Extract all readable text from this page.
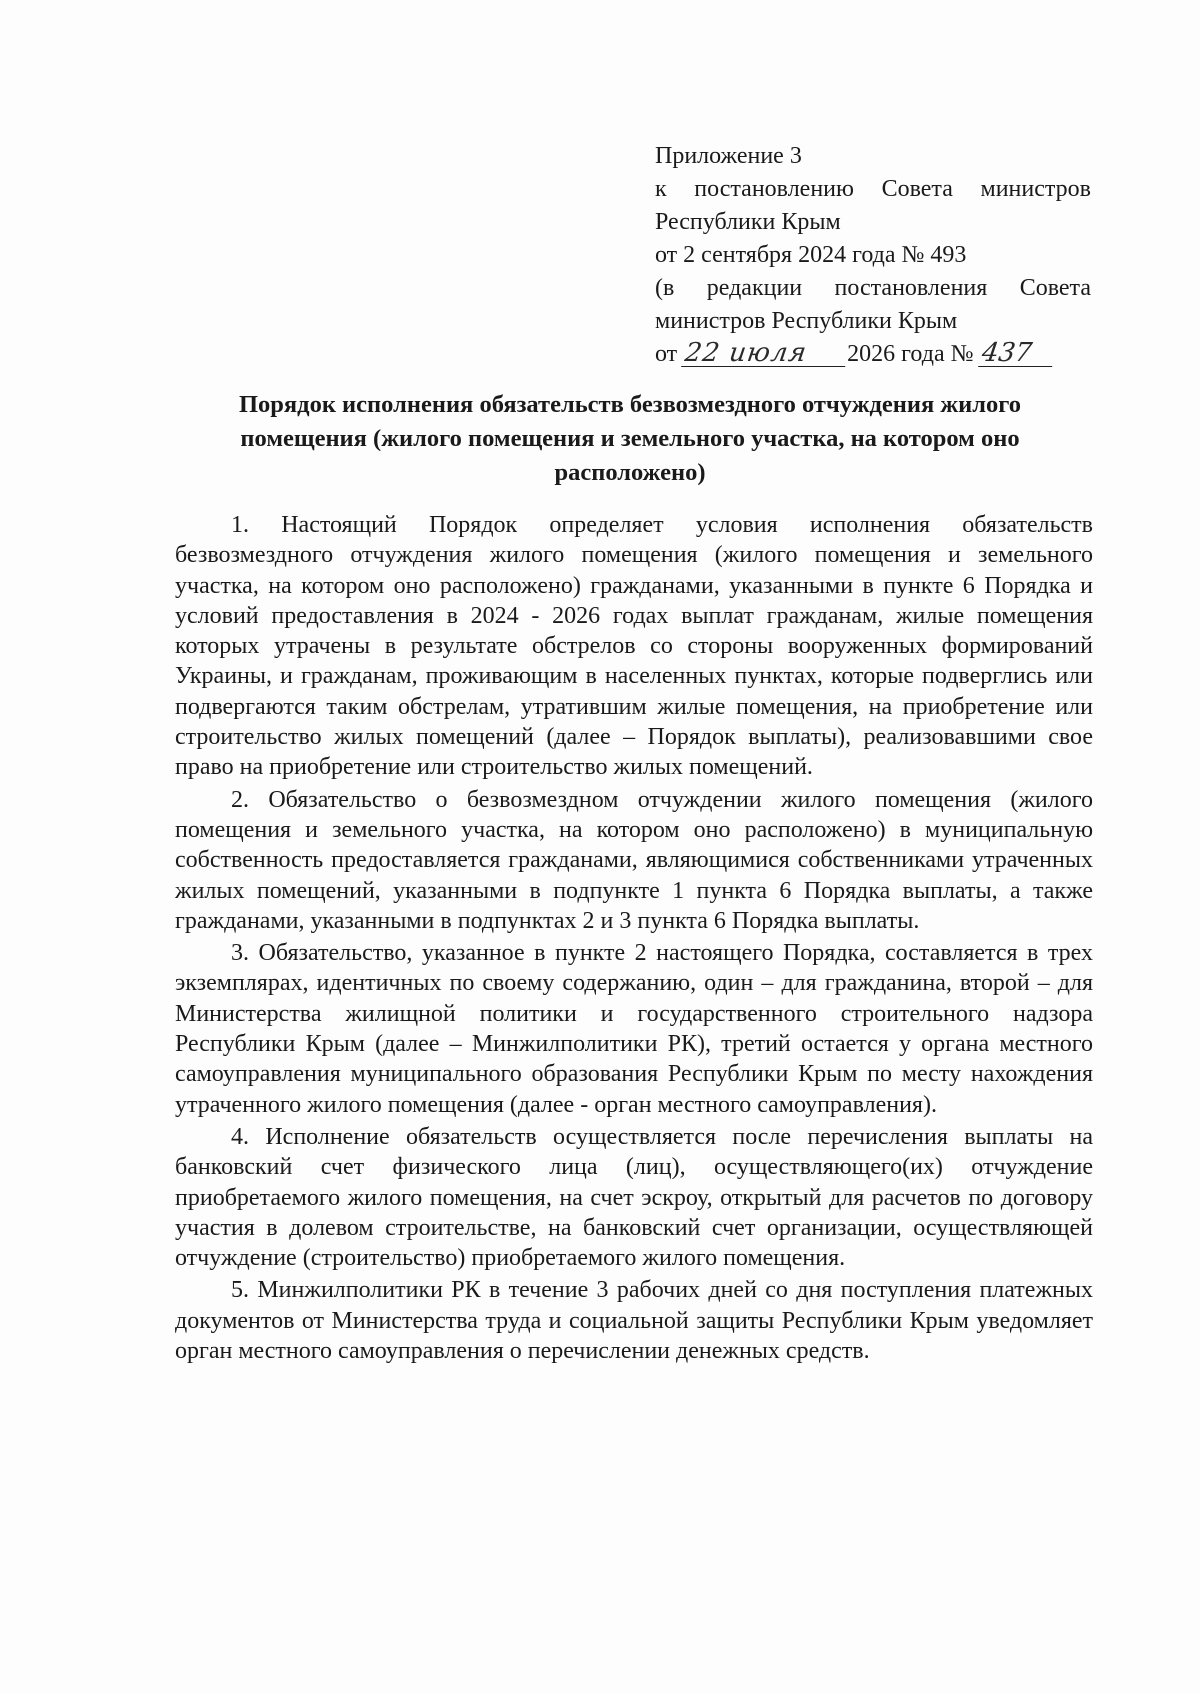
Приложение 3
к постановлению Совета министров
Республики Крым
от 2 сентября 2024 года № 493
(в редакции постановления Совета
министров Республики Крым
от 22 июля 2026 года № 437
Порядок исполнения обязательств безвозмездного отчуждения жилого
помещения (жилого помещения и земельного участка, на котором оно
расположено)

1. Настоящий Порядок определяет условия исполнения обязательств безвозмездного отчуждения жилого помещения (жилого помещения и земельного участка, на котором оно расположено) гражданами, указанными в пункте 6 Порядка и условий предоставления в 2024 - 2026 годах выплат гражданам, жилые помещения которых утрачены в результате обстрелов со стороны вооруженных формирований Украины, и гражданам, проживающим в населенных пунктах, которые подверглись или подвергаются таким обстрелам, утратившим жилые помещения, на приобретение или строительство жилых помещений (далее – Порядок выплаты), реализовавшими свое право на приобретение или строительство жилых помещений.

2. Обязательство о безвозмездном отчуждении жилого помещения (жилого помещения и земельного участка, на котором оно расположено) в муниципальную собственность предоставляется гражданами, являющимися собственниками утраченных жилых помещений, указанными в подпункте 1 пункта 6 Порядка выплаты, а также гражданами, указанными в подпунктах 2 и 3 пункта 6 Порядка выплаты.

3. Обязательство, указанное в пункте 2 настоящего Порядка, составляется в трех экземплярах, идентичных по своему содержанию, один – для гражданина, второй – для Министерства жилищной политики и государственного строительного надзора Республики Крым (далее – Минжилполитики РК), третий остается у органа местного самоуправления муниципального образования Республики Крым по месту нахождения утраченного жилого помещения (далее - орган местного самоуправления).

4. Исполнение обязательств осуществляется после перечисления выплаты на банковский счет физического лица (лиц), осуществляющего(их) отчуждение приобретаемого жилого помещения, на счет эскроу, открытый для расчетов по договору участия в долевом строительстве, на банковский счет организации, осуществляющей отчуждение (строительство) приобретаемого жилого помещения.

5. Минжилполитики РК в течение 3 рабочих дней со дня поступления платежных документов от Министерства труда и социальной защиты Республики Крым уведомляет орган местного самоуправления о перечислении денежных средств.
